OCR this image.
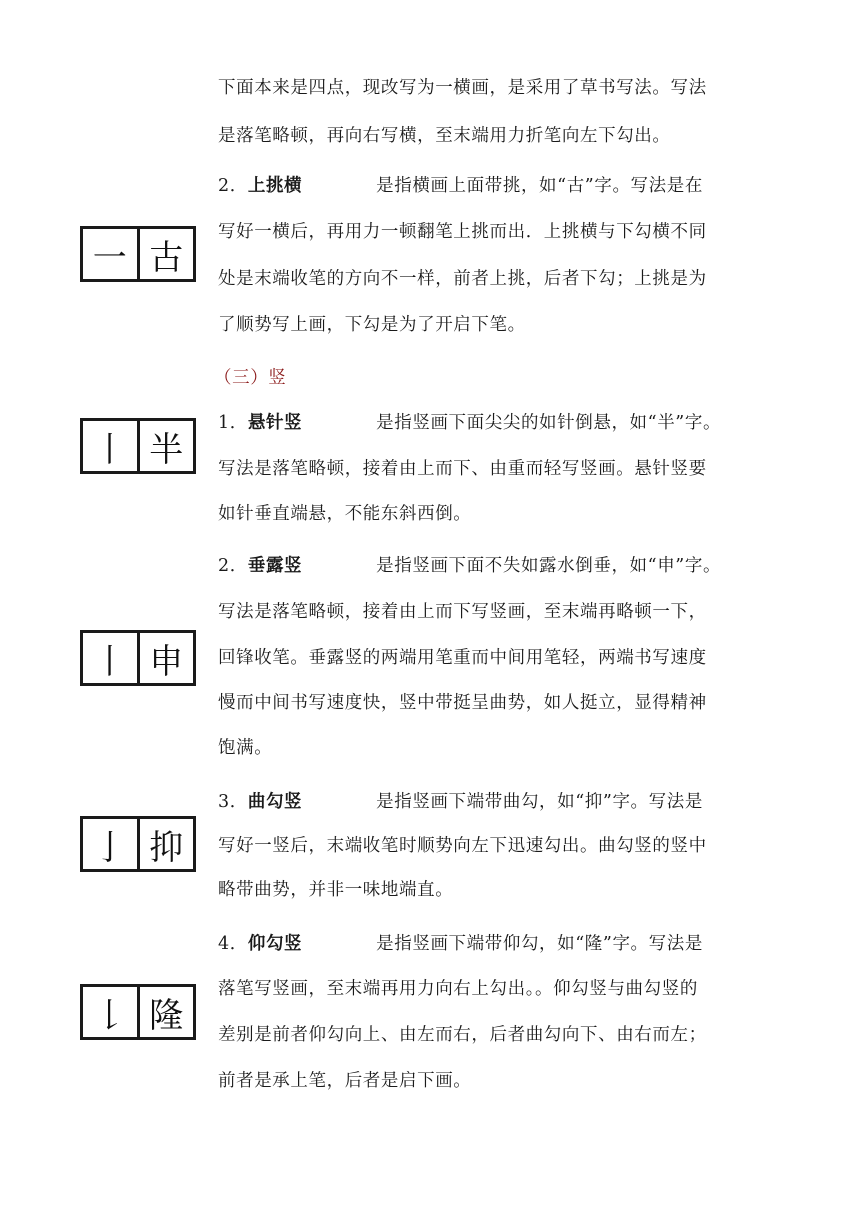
下面本来是四点，现改写为一横画，是采用了草书写法。写法
是落笔略顿，再向右写横，至末端用力折笔向左下勾出。
一 古
2．上挑横	是指横画上面带挑，如“古”字。写法是在
写好一横后，再用力一顿翻笔上挑而出．上挑横与下勾横不同
处是末端收笔的方向不一样，前者上挑，后者下勾；上挑是为
了顺势写上画，下勾是为了开启下笔。
（三）竖
丨 半
1．悬针竖	是指竖画下面尖尖的如针倒悬，如“半”字。
写法是落笔略顿，接着由上而下、由重而轻写竖画。悬针竖要
如针垂直端悬，不能东斜西倒。
丨 申
2．垂露竖	是指竖画下面不失如露水倒垂，如“申”字。
写法是落笔略顿，接着由上而下写竖画，至末端再略顿一下，
回锋收笔。垂露竖的两端用笔重而中间用笔轻，两端书写速度
慢而中间书写速度快，竖中带挺呈曲势，如人挺立，显得精神
饱满。
亅 抑
3．曲勾竖	是指竖画下端带曲勾，如“抑”字。写法是
写好一竖后，末端收笔时顺势向左下迅速勾出。曲勾竖的竖中
略带曲势，并非一味地端直。
𠄌 隆
4．仰勾竖	是指竖画下端带仰勾，如“隆”字。写法是
落笔写竖画，至末端再用力向右上勾出。。仰勾竖与曲勾竖的
差别是前者仰勾向上、由左而右，后者曲勾向下、由右而左；
前者是承上笔，后者是启下画。
